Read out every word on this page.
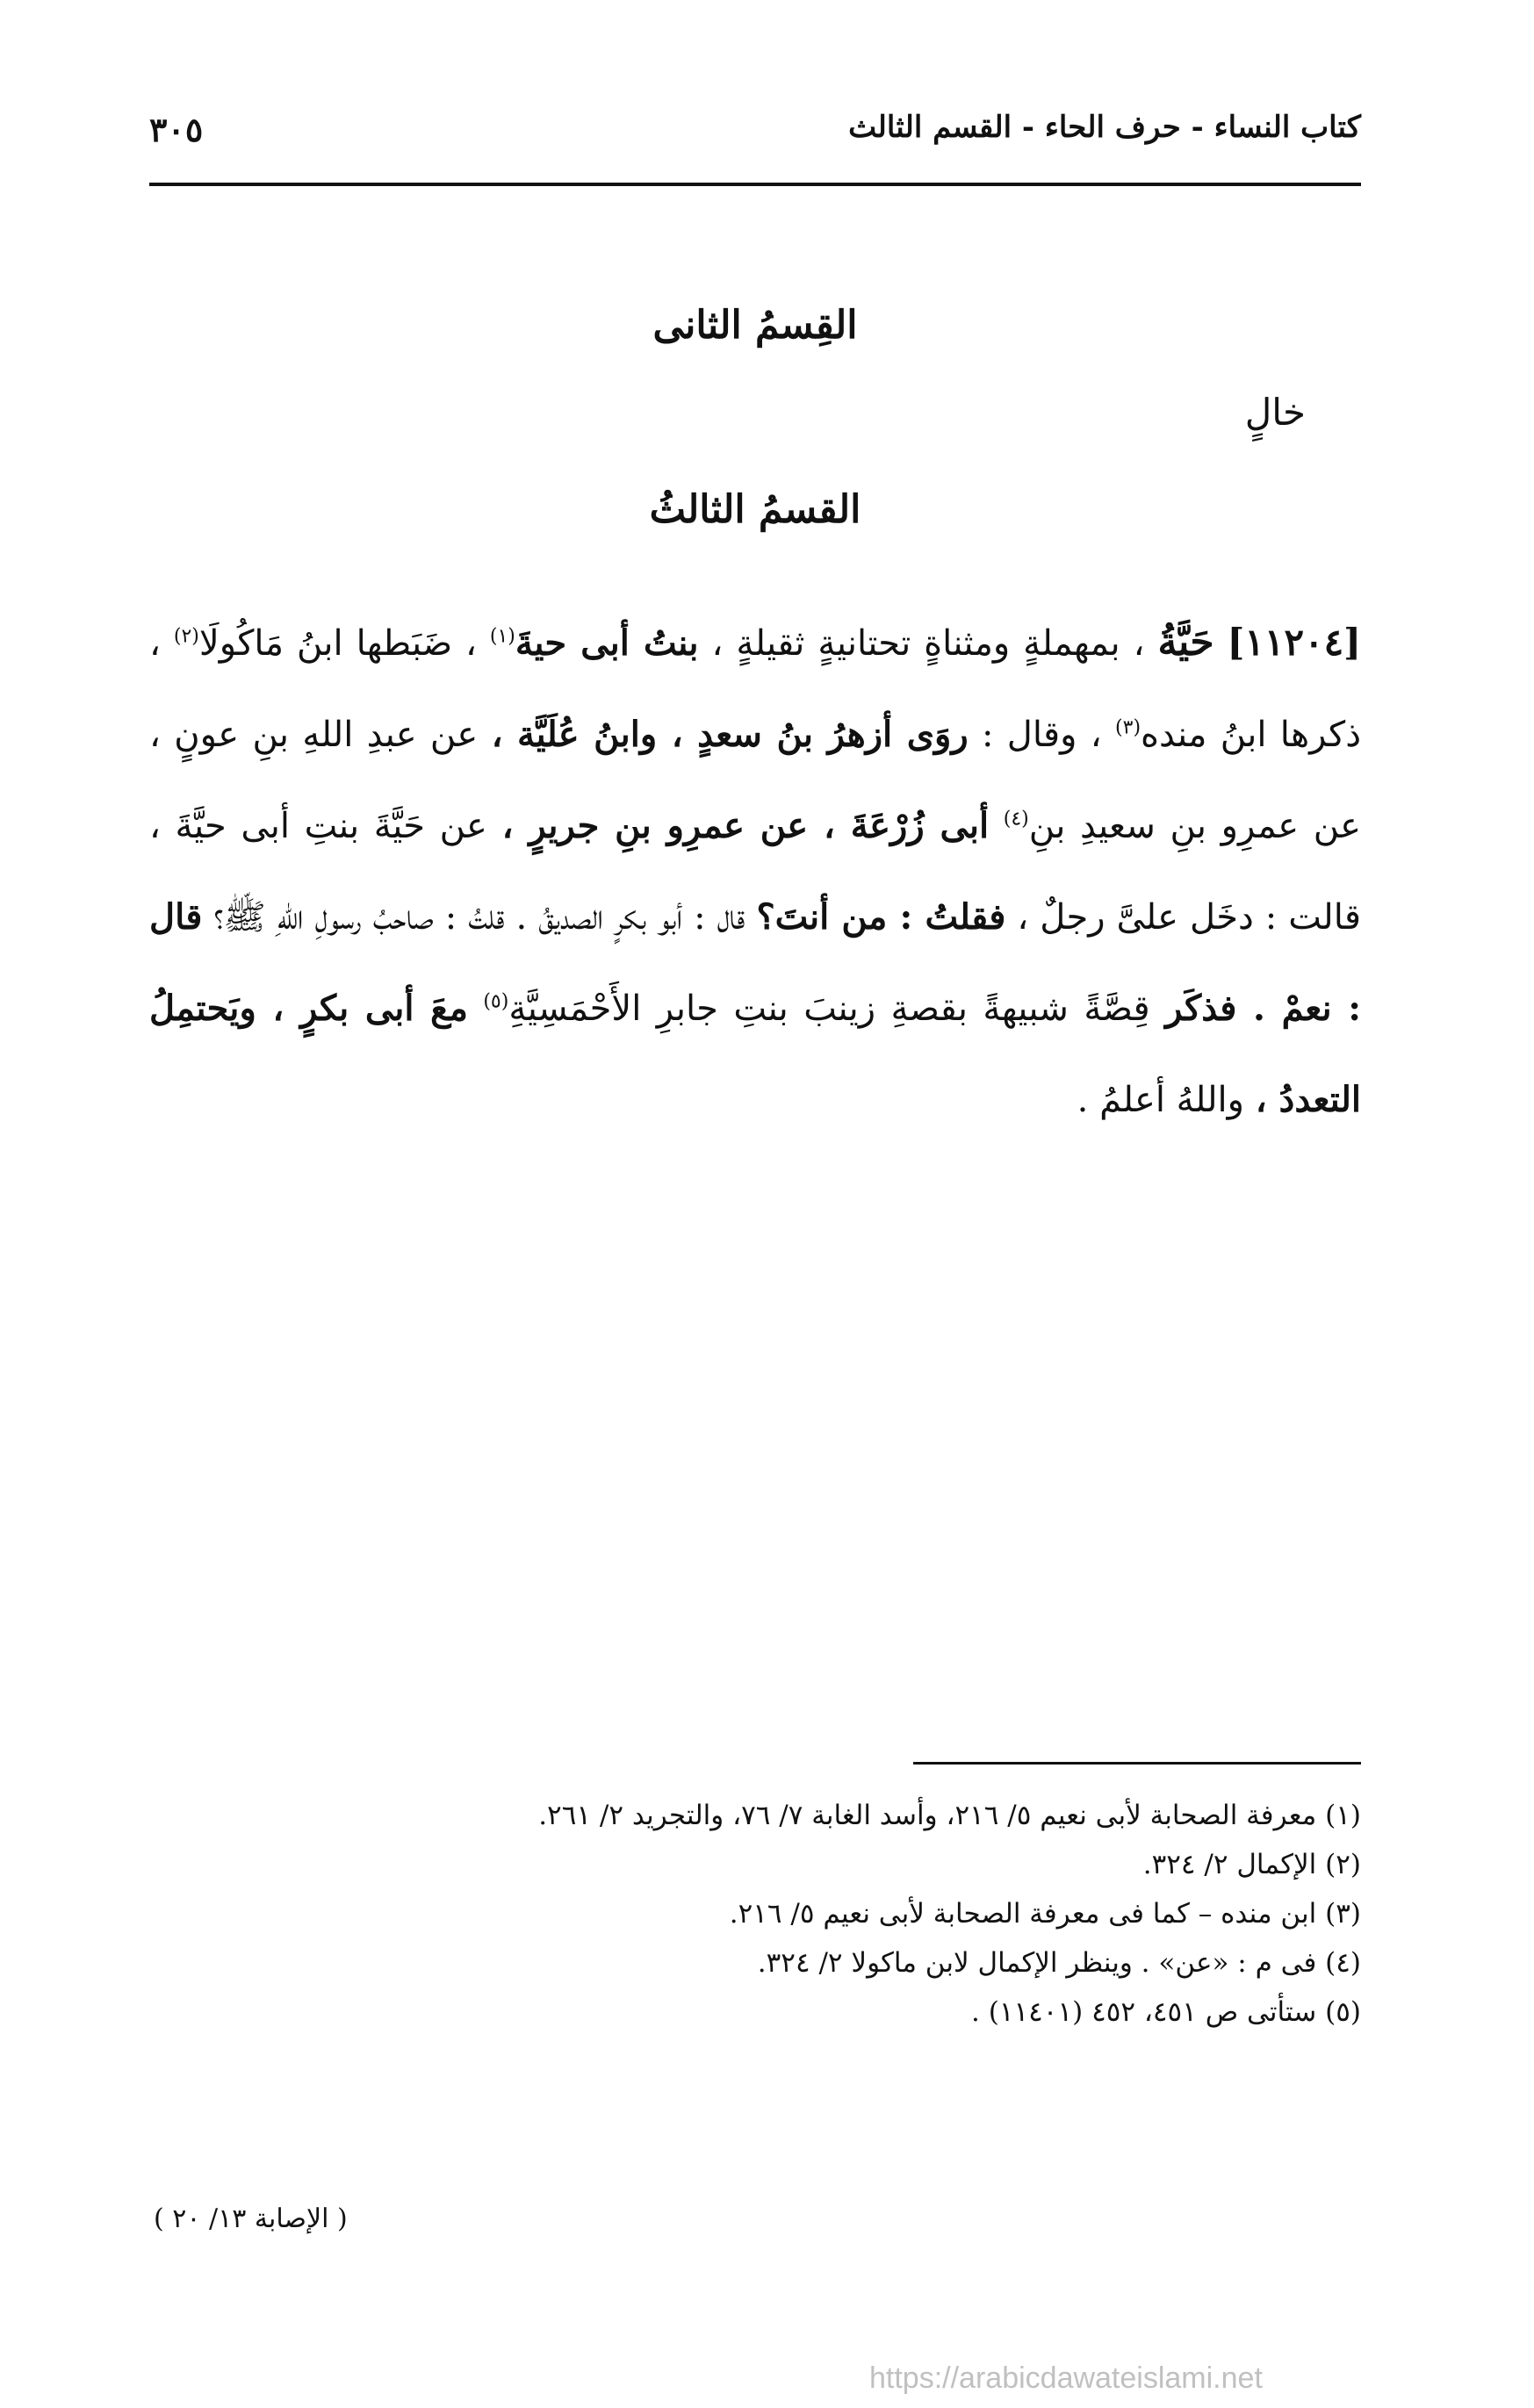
كتاب النساء - حرف الحاء - القسم الثالث
٣٠٥
القِسمُ الثانى
خالٍ
القسمُ الثالثُ

[١١٢٠٤] حَيَّةُ ، بمهملةٍ ومثناةٍ تحتانيةٍ ثقيلةٍ ، بنتُ أبى حيةَ$^{(١)}$ ، ضَبَطها ابنُ مَاكُولَا$^{(٢)}$ ، ذكرها ابنُ منده$^{(٣)}$ ، وقال : روَى أزهرُ بنُ سعدٍ ، وابنُ عُلَيَّة ، عن عبدِ اللهِ بنِ عونٍ ، عن عمرِو بنِ سعيدِ بنِ$^{(٤)}$ أبى زُرْعَةَ ، عن عمرِو بنِ جريرٍ ، عن حَيَّةَ بنتِ أبى حيَّةَ ، قالت : دخَل علىَّ رجلٌ ، فقلتُ : من أنتَ؟ قال : أبو بكرٍ الصديقُ . قلتُ : صاحبُ رسولِ اللهِ ﷺ؟ قال : نعمْ . فذكَر قِصَّةً شبيهةً بقصةِ زينبَ بنتِ جابرِ الأَحْمَسِيَّةِ$^{(٥)}$ معَ أبى بكرٍ ، ويَحتمِلُ التعددُ ، واللهُ أعلمُ .

(١) معرفة الصحابة لأبى نعيم ٥/ ٢١٦، وأسد الغابة ٧/ ٧٦، والتجريد ٢/ ٢٦١.
(٢) الإكمال ٢/ ٣٢٤.
(٣) ابن منده – كما فى معرفة الصحابة لأبى نعيم ٥/ ٢١٦.
(٤) فى م : «عن» . وينظر الإكمال لابن ماكولا ٢/ ٣٢٤.
(٥) ستأتى ص ٤٥١، ٤٥٢ (١١٤٠١) .
( الإصابة ١٣/ ٢٠ )
https://arabicdawateislami.net
